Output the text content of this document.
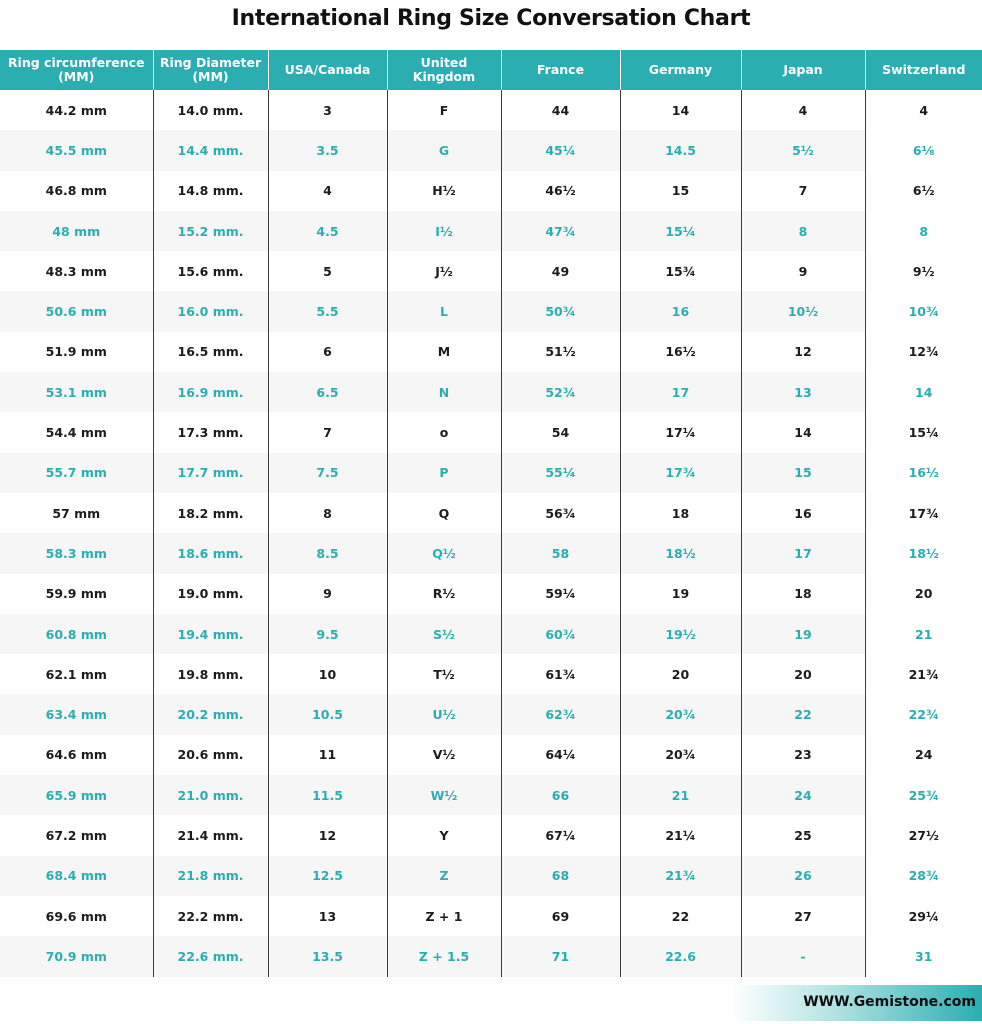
International Ring Size Conversation Chart
Ring circumference (MM)	Ring Diameter (MM)	USA/Canada	United Kingdom	France	Germany	Japan	Switzerland
44.2 mm	14.0 mm.	3	F	44	14	4	4
45.5 mm	14.4 mm.	3.5	G	45¼	14.5	5½	6⅛
46.8 mm	14.8 mm.	4	H½	46½	15	7	6½
48 mm	15.2 mm.	4.5	I½	47¾	15¼	8	8
48.3 mm	15.6 mm.	5	J½	49	15¾	9	9½
50.6 mm	16.0 mm.	5.5	L	50¾	16	10½	10¾
51.9 mm	16.5 mm.	6	M	51½	16½	12	12¾
53.1 mm	16.9 mm.	6.5	N	52¾	17	13	14
54.4 mm	17.3 mm.	7	o	54	17¼	14	15¼
55.7 mm	17.7 mm.	7.5	P	55¼	17¾	15	16½
57 mm	18.2 mm.	8	Q	56¾	18	16	17¾
58.3 mm	18.6 mm.	8.5	Q½	58	18½	17	18½
59.9 mm	19.0 mm.	9	R½	59¼	19	18	20
60.8 mm	19.4 mm.	9.5	S½	60¾	19½	19	21
62.1 mm	19.8 mm.	10	T½	61¾	20	20	21¾
63.4 mm	20.2 mm.	10.5	U½	62¾	20¾	22	22¾
64.6 mm	20.6 mm.	11	V½	64¼	20¾	23	24
65.9 mm	21.0 mm.	11.5	W½	66	21	24	25¾
67.2 mm	21.4 mm.	12	Y	67¼	21¼	25	27½
68.4 mm	21.8 mm.	12.5	Z	68	21¾	26	28¾
69.6 mm	22.2 mm.	13	Z + 1	69	22	27	29¼
70.9 mm	22.6 mm.	13.5	Z + 1.5	71	22.6	-	31
WWW.Gemistone.com
